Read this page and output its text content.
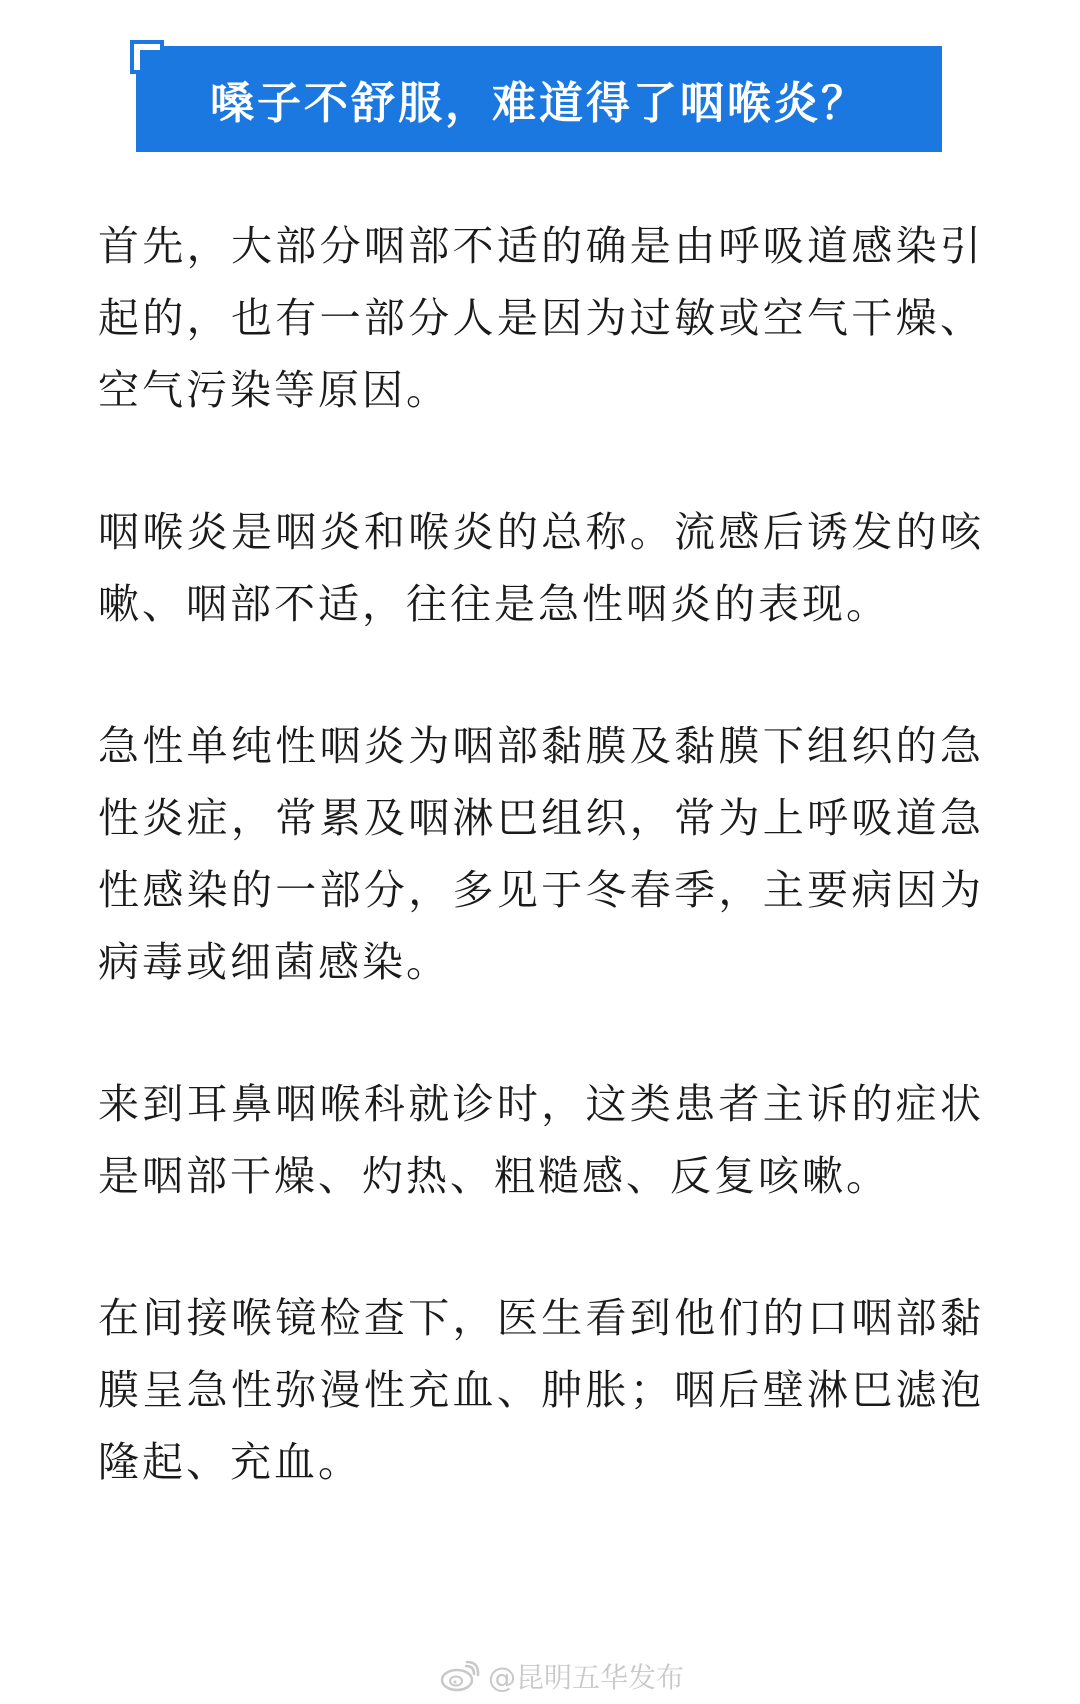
嗓子不舒服，难道得了咽喉炎？

首先，大部分咽部不适的确是由呼吸道感染引起的，也有一部分人是因为过敏或空气干燥、空气污染等原因。

咽喉炎是咽炎和喉炎的总称。流感后诱发的咳嗽、咽部不适，往往是急性咽炎的表现。

急性单纯性咽炎为咽部黏膜及黏膜下组织的急性炎症，常累及咽淋巴组织，常为上呼吸道急性感染的一部分，多见于冬春季，主要病因为病毒或细菌感染。

来到耳鼻咽喉科就诊时，这类患者主诉的症状是咽部干燥、灼热、粗糙感、反复咳嗽。

在间接喉镜检查下，医生看到他们的口咽部黏膜呈急性弥漫性充血、肿胀；咽后壁淋巴滤泡隆起、充血。

@昆明五华发布
